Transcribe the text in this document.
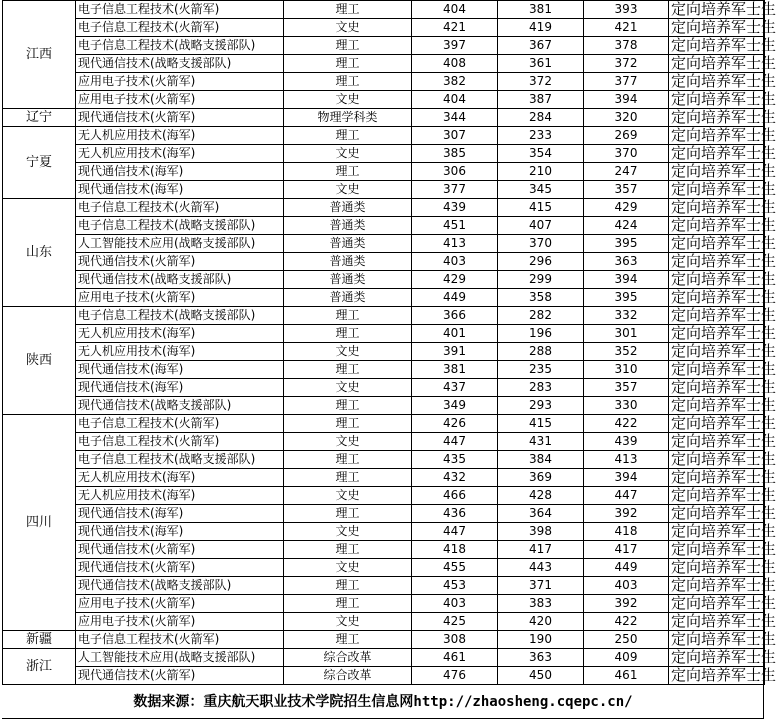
江西	电子信息工程技术(火箭军)	理工	404	381	393	定向培养军士生
	电子信息工程技术(火箭军)	文史	421	419	421	定向培养军士生
	电子信息工程技术(战略支援部队)	理工	397	367	378	定向培养军士生
	现代通信技术(战略支援部队)	理工	408	361	372	定向培养军士生
	应用电子技术(火箭军)	理工	382	372	377	定向培养军士生
	应用电子技术(火箭军)	文史	404	387	394	定向培养军士生
辽宁	现代通信技术(火箭军)	物理学科类	344	284	320	定向培养军士生
宁夏	无人机应用技术(海军)	理工	307	233	269	定向培养军士生
	无人机应用技术(海军)	文史	385	354	370	定向培养军士生
	现代通信技术(海军)	理工	306	210	247	定向培养军士生
	现代通信技术(海军)	文史	377	345	357	定向培养军士生
山东	电子信息工程技术(火箭军)	普通类	439	415	429	定向培养军士生
	电子信息工程技术(战略支援部队)	普通类	451	407	424	定向培养军士生
	人工智能技术应用(战略支援部队)	普通类	413	370	395	定向培养军士生
	现代通信技术(火箭军)	普通类	403	296	363	定向培养军士生
	现代通信技术(战略支援部队)	普通类	429	299	394	定向培养军士生
	应用电子技术(火箭军)	普通类	449	358	395	定向培养军士生
陕西	电子信息工程技术(战略支援部队)	理工	366	282	332	定向培养军士生
	无人机应用技术(海军)	理工	401	196	301	定向培养军士生
	无人机应用技术(海军)	文史	391	288	352	定向培养军士生
	现代通信技术(海军)	理工	381	235	310	定向培养军士生
	现代通信技术(海军)	文史	437	283	357	定向培养军士生
	现代通信技术(战略支援部队)	理工	349	293	330	定向培养军士生
四川	电子信息工程技术(火箭军)	理工	426	415	422	定向培养军士生
	电子信息工程技术(火箭军)	文史	447	431	439	定向培养军士生
	电子信息工程技术(战略支援部队)	理工	435	384	413	定向培养军士生
	无人机应用技术(海军)	理工	432	369	394	定向培养军士生
	无人机应用技术(海军)	文史	466	428	447	定向培养军士生
	现代通信技术(海军)	理工	436	364	392	定向培养军士生
	现代通信技术(海军)	文史	447	398	418	定向培养军士生
	现代通信技术(火箭军)	理工	418	417	417	定向培养军士生
	现代通信技术(火箭军)	文史	455	443	449	定向培养军士生
	现代通信技术(战略支援部队)	理工	453	371	403	定向培养军士生
	应用电子技术(火箭军)	理工	403	383	392	定向培养军士生
	应用电子技术(火箭军)	文史	425	420	422	定向培养军士生
新疆	电子信息工程技术(火箭军)	理工	308	190	250	定向培养军士生
浙江	人工智能技术应用(战略支援部队)	综合改革	461	363	409	定向培养军士生
	现代通信技术(火箭军)	综合改革	476	450	461	定向培养军士生
数据来源：重庆航天职业技术学院招生信息网http://zhaosheng.cqepc.cn/
